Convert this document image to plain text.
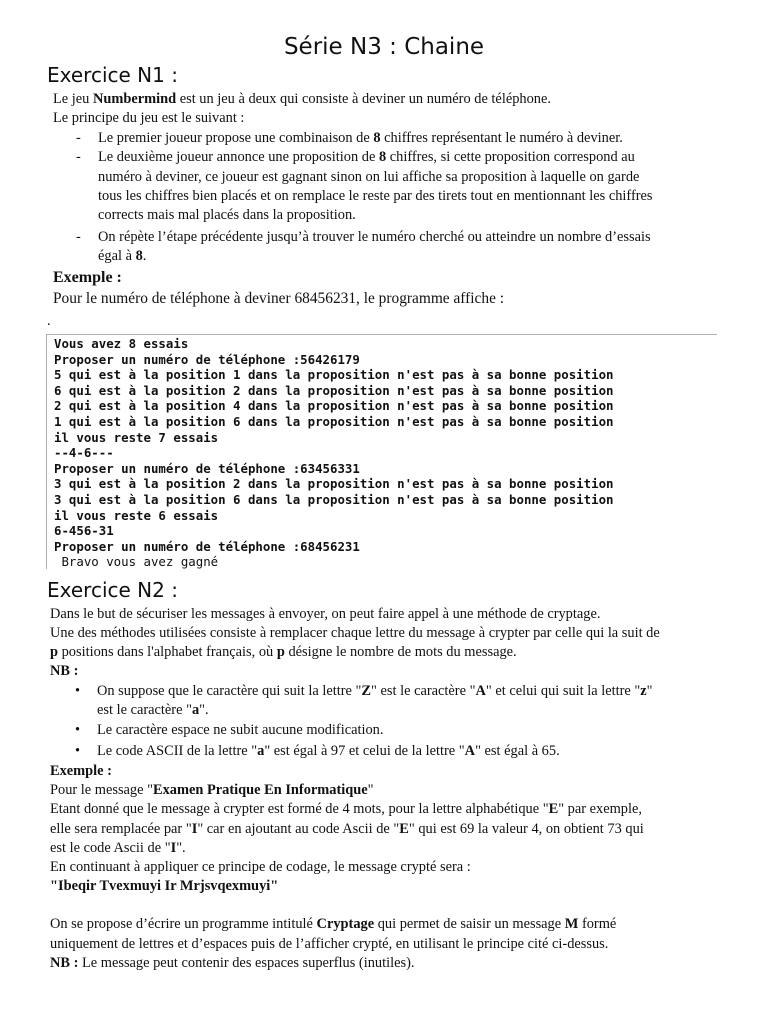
Série N3 : Chaine
Exercice N1 :
Le jeu Numbermind est un jeu à deux qui consiste à deviner un numéro de téléphone.
Le principe du jeu est le suivant :
- Le premier joueur propose une combinaison de 8 chiffres représentant le numéro à deviner.
- Le deuxième joueur annonce une proposition de 8 chiffres, si cette proposition correspond au
numéro à deviner, ce joueur est gagnant sinon on lui affiche sa proposition à laquelle on garde
tous les chiffres bien placés et on remplace le reste par des tirets tout en mentionnant les chiffres
corrects mais mal placés dans la proposition.
- On répète l’étape précédente jusqu’à trouver le numéro cherché ou atteindre un nombre d’essais
égal à 8.
Exemple :
Pour le numéro de téléphone à deviner 68456231, le programme affiche :
.
Vous avez 8 essais
Proposer un numéro de téléphone :56426179
5 qui est à la position 1 dans la proposition n'est pas à sa bonne position
6 qui est à la position 2 dans la proposition n'est pas à sa bonne position
2 qui est à la position 4 dans la proposition n'est pas à sa bonne position
1 qui est à la position 6 dans la proposition n'est pas à sa bonne position
il vous reste 7 essais
--4-6---
Proposer un numéro de téléphone :63456331
3 qui est à la position 2 dans la proposition n'est pas à sa bonne position
3 qui est à la position 6 dans la proposition n'est pas à sa bonne position
il vous reste 6 essais
6-456-31
Proposer un numéro de téléphone :68456231
Bravo vous avez gagné
Exercice N2 :
Dans le but de sécuriser les messages à envoyer, on peut faire appel à une méthode de cryptage.
Une des méthodes utilisées consiste à remplacer chaque lettre du message à crypter par celle qui la suit de
p positions dans l'alphabet français, où p désigne le nombre de mots du message.
NB :
• On suppose que le caractère qui suit la lettre "Z" est le caractère "A" et celui qui suit la lettre "z"
est le caractère "a".
• Le caractère espace ne subit aucune modification.
• Le code ASCII de la lettre "a" est égal à 97 et celui de la lettre "A" est égal à 65.
Exemple :
Pour le message "Examen Pratique En Informatique"
Etant donné que le message à crypter est formé de 4 mots, pour la lettre alphabétique "E" par exemple,
elle sera remplacée par "I" car en ajoutant au code Ascii de "E" qui est 69 la valeur 4, on obtient 73 qui
est le code Ascii de "I".
En continuant à appliquer ce principe de codage, le message crypté sera :
"Ibeqir Tvexmuyi Ir Mrjsvqexmuyi"
On se propose d’écrire un programme intitulé Cryptage qui permet de saisir un message M formé
uniquement de lettres et d’espaces puis de l’afficher crypté, en utilisant le principe cité ci-dessus.
NB : Le message peut contenir des espaces superflus (inutiles).
